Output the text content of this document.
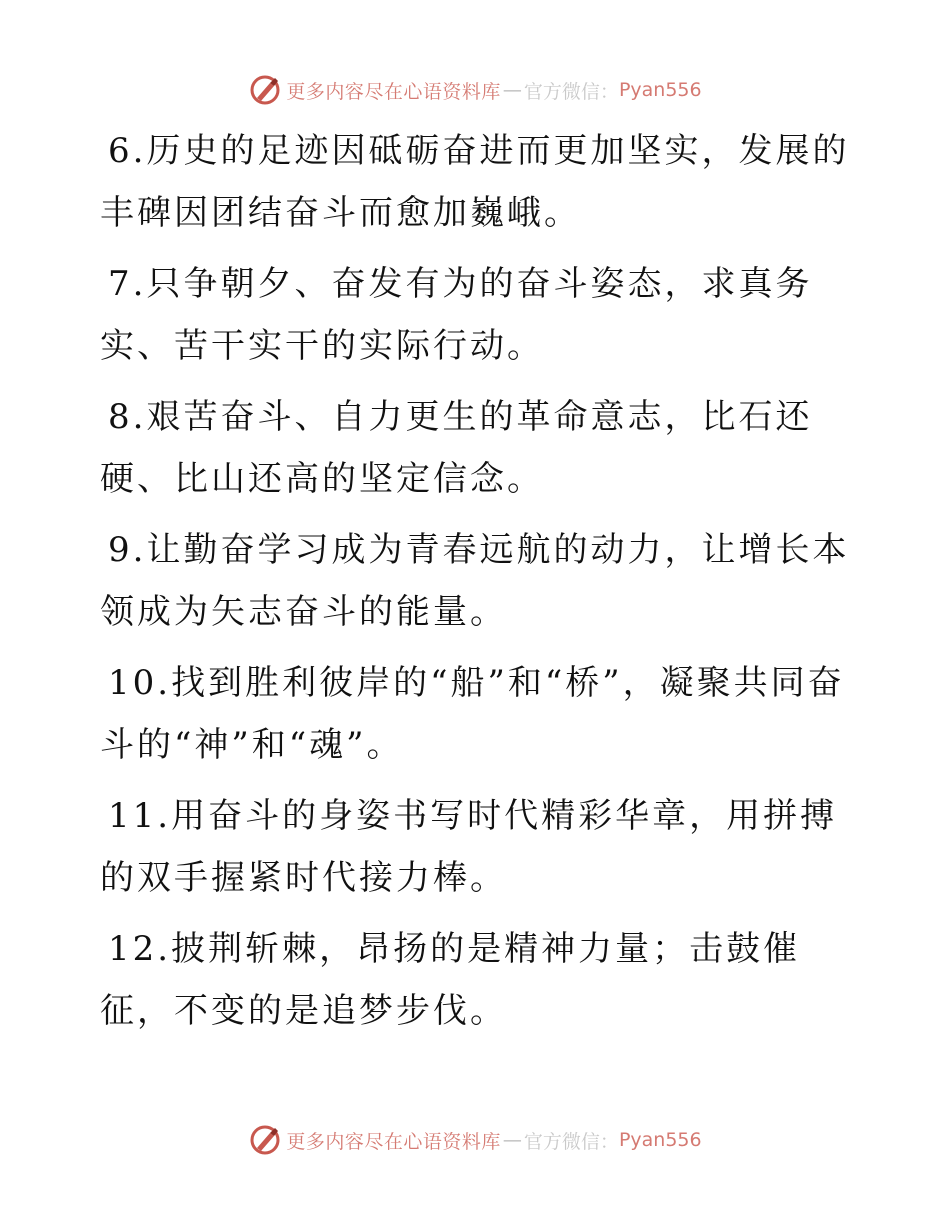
更多内容尽在心语资料库 — 官方微信： Pyan556

6.历史的足迹因砥砺奋进而更加坚实，发展的丰碑因团结奋斗而愈加巍峨。

7.只争朝夕、奋发有为的奋斗姿态，求真务实、苦干实干的实际行动。

8.艰苦奋斗、自力更生的革命意志，比石还硬、比山还高的坚定信念。

9.让勤奋学习成为青春远航的动力，让增长本领成为矢志奋斗的能量。

10.找到胜利彼岸的“船”和“桥”，凝聚共同奋斗的“神”和“魂”。

11.用奋斗的身姿书写时代精彩华章，用拼搏的双手握紧时代接力棒。

12.披荆斩棘，昂扬的是精神力量；击鼓催征，不变的是追梦步伐。

更多内容尽在心语资料库 — 官方微信： Pyan556
